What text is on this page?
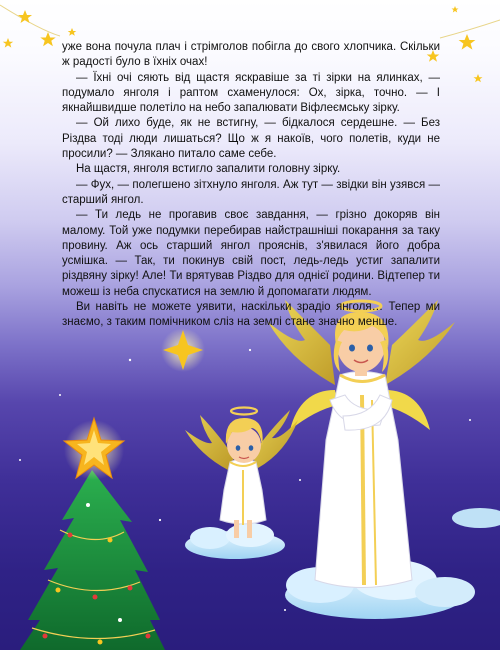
уже вона почула плач і стрімголов побігла до свого хлопчика. Скільки ж радості було в їхніх очах!

— Їхні очі сяють від щастя яскравіше за ті зірки на ялинках, — подумало янголя і раптом схаменулося: Ох, зірка, точно. — І якнайшвидше полетіло на небо запалювати Віфлеємську зірку.

— Ой лихо буде, як не встигну, — бідкалося сердешне. — Без Різдва тоді люди лишаться? Що ж я накоїв, чого полетів, куди не просили? — Злякано питало саме себе.

На щастя, янголя встигло запалити головну зірку.

— Фух, — полегшено зітхнуло янголя. Аж тут — звідки він узявся — старший янгол.

— Ти ледь не прогавив своє завдання, — грізно докоряв він малому. Той уже подумки перебирав найстрашніші покарання за таку провину. Аж ось старший янгол прояснів, з'явилася його добра усмішка. — Так, ти покинув свій пост, ледь-ледь устиг запалити різдвяну зірку! Але! Ти врятував Різдво для однієї родини. Відтепер ти можеш із неба спускатися на землю й допомагати людям.

Ви навіть не можете уявити, наскільки зрадіо янголя… Тепер ми знаємо, з таким помічником сліз на землі стане значно менше.
